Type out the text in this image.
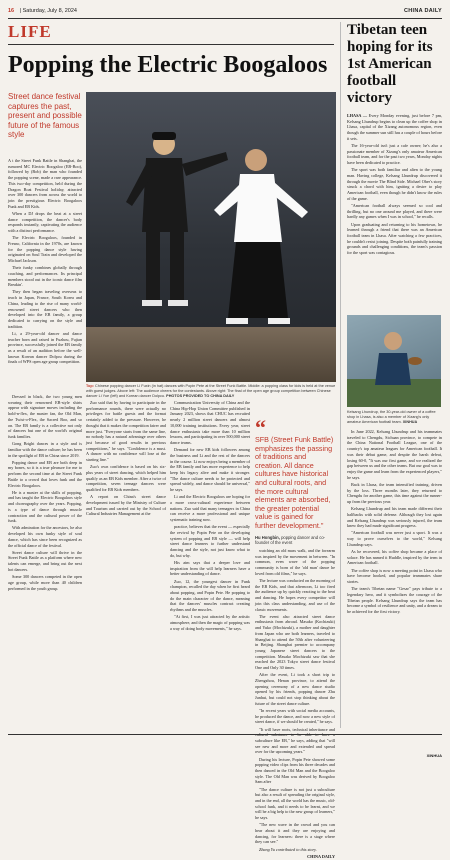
16 | Saturday, July 8, 2024	CHINA DAILY
LIFE
Popping the Electric Boogaloos
Street dance festival captures the past, present and possible future of the famous style
Top: Chinese popping dancer Li Fuxin (in hat) dances with Popin Pete at the Street Funk Battle. Middle: a popping class for kids is held at the venue with guest judges. Above left: The audience cheers for the contestants. Above right: The final of the open age group competition between Chinese dancer Li Yue (left) and Korean dancer Dolpcu. PHOTOS PROVIDED TO CHINA DAILY

A t the Street Funk Battle in Shanghai, the rumored MC Electric Boogaloo (EB-Boo), followed by (Bob) the man who founded the popping scene, made a rare appearance. This two-day competition, held during the Dragon Boat Festival holiday, attracted over 300 dancers from across the world to join the prestigious Electric Boogaloos Funk and EB Kids.

When a DJ drops the beat at a street dance competition, the dancer's body responds instantly, captivating the audience with a distinct performance.

The Electric Boogaloos, founded in Fresno, California in the 1970s, are known for the popping dance style having originated on Soul Train and developed the Michael Jackson.

Their funky combines globally through coaching, and performances. Its principal members stood out in the iconic dance film Breakin'.

They then began traveling overseas to teach in Japan, France, South Korea and China, leading to the rise of many world-renowned street dancers who then developed into the EB family, a group dedicated to carrying on the style and tradition.

Li, a 29-year-old dancer and dance teacher born and raised in Fuzhou, Fujian province, successfully joined the EB family as a result of an audition before the well-known Korean dancer Dolpcu during the finals of WPS open age group competition.

Dressed in black, the two young men wearing their renowned EB-style shirts appear with signature moves including the hold-n-flex, the master fan, the Old Man, the Twist-o-Flex, the Sacred Boo, and so on. The EB family is a collective not only of dancers but one of the world's original funk families.

Gong Bright dances in a style and is familiar with the dance culture; he has been in the spotlight of EB in China since 2019.

Popping dance and EB are both deep in my bones, so it is a true pleasure for me to perform the second time at the Street Funk Battle to a crowd that loves funk and the Electric Boogaloos.

He is a master at the skills of popping, and has taught the Electric Boogaloos style and choreography over the years. Popping, is a type of dance through muscle contraction and the cultural power of the funk.

With admiration for the ancestors, he also developed his own funky style of soul dance, which has since been recognized as the official dance of the festival.

Street dance culture will thrive in the Street Funk Battle as a platform where new talents can emerge, and bring out the next hot dancers.

Some 300 dancers competed in the open age group, while more than 40 children performed in the youth group.

Zuo said that by having to participate in the performance rounds, there were actually no privileges for battle guests and the format certainly added to the pressure. However, he thought that it makes the competition fairer and more just. "Everyone starts from the same line, no nobody has a natural advantage over others just because of good results in previous competitions," he says. "Confidence is a must. A dancer with no confidence will lose at the starting line."

Zuo's own confidence is based on his six-plus years of street dancing, which helped him qualify as an EB Kids member. After a twice of competition, seven teenage dancers were qualified for EB Kids members.

A report on China's street dance development issued by the Ministry of Culture and Tourism and carried out by the School of Cultural Industries Management at the

Communication University of China and the China Hip-Hop Union Committee published in January 2023, shows that CHUC has recruited nearly 2 million street dancers and almost 10,000 training institutions. Every year, street dance enthusiasts take more than 10 million lessons, and participating in over 500,000 street dance teams.

Demand for new EB kids followers among the business and Li and the rest of the dancers in the course. Li now enjoys being a member of the EB family and has more experience to help keep his legacy alive and make it stronger. "The dance culture needs to be protected and spread widely, and dance should be universal," he says.

Li and the Electric Boogaloos are hoping for a more cross-cultural experience between nations. Zuo said that many teenagers in China can receive a more professional and unique systematic training now.

practice, believes that the event — especially the revival by Popin Pete on the developing system of popping and EB style — will help street dance learners to further understand dancing and the style, not just know what to do, but why.

His aim says that a deeper love and inspiration from the will help learners have a better understanding of dance.

Zuo, 12, the youngest dancer in Funk champion, recalled the day when he first heard about popping, and Popin Pete. He popping to do the main character of the dance, meaning that the dancers' muscles contract creating rhythms and the muscles.

"At first, I was just attracted by the artistic atmosphere, and then the magic of popping was a way of doing body movements," he says.

“
SFB (Street Funk Battle) emphasizes the passing of traditions and creation. All dance cultures have historical and cultural roots, and the more cultural elements are absorbed, the greater potential value is gained for further development."
Hu Hongbin, popping dancer and co-founder of the event

watching an old mass walk, and the forearm was inspired by the movement in between. "In common, even wave of the popping community is born of the 'old man' dance he loved from old films," he says.

The lecture was conducted on the morning of the EB Kids, and that afternoon, Li too fired the audience up by quickly reacting to the beat and dancing. He hopes every competitor will join this class understanding, and use of the classic movements.

The event also attracted street dance enthusiasts from abroad. Masako (Kochizuki) and Yuko (Mochizuki), a mother and daughter from Japan who are both learners, traveled to Shanghai to attend the 50th after volunteering in Beijing. Shanghai premier to accompany young Japanese street dancers to the competition. Masako Mochizuki saw that she reached the 2023 Tokyo street dance festival One and Only 30 times.

After the event, Li took a short trip to Zhengzhou, Henan province, to attend the opening ceremony of a new dance studio opened by his friends, popping dancer Zhu Junhui, but could not stop thinking about the future of the street dance culture.

"In recent years with social media accounts, he produced the dance, and now a new style of street dance, if we should be created," he says.

"It will have roots, technical inheritance and subculture like EB," he says, adding that "will see new and more and extended and spread over for the upcoming years."

During his lecture, Popin Pete showed some popping video clips from his three decades and then danced in the Old Man and the Boogaloo style. The Old Man was derived by Boogaloo Sam after

"The dance culture is not just a subculture but also a result of spreading the original style, and in the end, all the world has the music, old-school funk, and it needs to be learnt, and we will be a big help to the new group of learners," he says.

"The new wave in the crowd and you can hear about it and they are enjoying and dancing, for learners: there is a stage where they can see."

Zhang Yu contributed to this story.

CHINA DAILY

Tibetan teen hoping for its 1st American football victory

LHASA — Every Monday evening, just before 7 pm, Kelsang Lhundrup begins to clean up the coffee shop in Lhasa, capital of the Xizang autonomous region, even though the summer sun still has a couple of hours before it sets.

The 16-year-old isn't just a cafe owner; he's also a passionate member of Xizang's only amateur American football team, and for the past two years, Monday nights have been dedicated to practice.

The sport was both familiar and alien to the young man. Having college, Kelsang Lhundrup discovered it through the movie The Blind Side. Michael Oher's story struck a chord with him, igniting a desire to play American football, even though he didn't know the rules of the game.

"American football always seemed so cool and thrilling, but no one around me played, and there were hardly any games when I was in school," he recalls.

Upon graduating and returning to his hometown, he learned through a friend that there was an American football team in Lhasa. After watching a few practices, he couldn't resist joining. Despite both painfully training grounds and challenging conditions, the team's passion for the sport was contagious.

Kelsang Lhundrup, the 30-year-old owner of a coffee shop in Lhasa, is also a member of Xizang's only amateur American football team. XINHUA

In June 2022, Kelsang Lhundrup and his teammates traveled to Chengdu, Sichuan province, to compete in the China National Football League, one of the country's top amateur leagues for American football. It was their debut game, and despite the harsh defeat, losing 60-0, "It was our first game, and we realized the gap between us and the other teams. But our goal was to enjoy the game and learn from the experienced players," he says.

Back in Lhasa, the team intensified training, driven by the loss. Three months later, they returned to Chengdu for another game, this time against the runner-up from the previous year.

Kelsang Lhundrup and his team made different their halfbacks with solid defense. Although they lost again and Kelsang Lhundrup was seriously injured, the team knew they had made significant progress.

"American football was never just a sport. It was a way to prove ourselves to the world," Kelsang Lhundrup says.

As he recovered, his coffee shop became a place of solace. He has named it Huddle, inspired by the term in American football.

The coffee shop is now a meeting point in Lhasa who have become hooked, and popular teammates share stories.

The team's Tibetan name "Gesar" pays tribute to a legendary hero, and it symbolizes the courage of the Tibetan people. Kelsang Lhundrup says the team has become a symbol of resilience and unity, and a dream to be achieved for the first victory.

XINHUA
